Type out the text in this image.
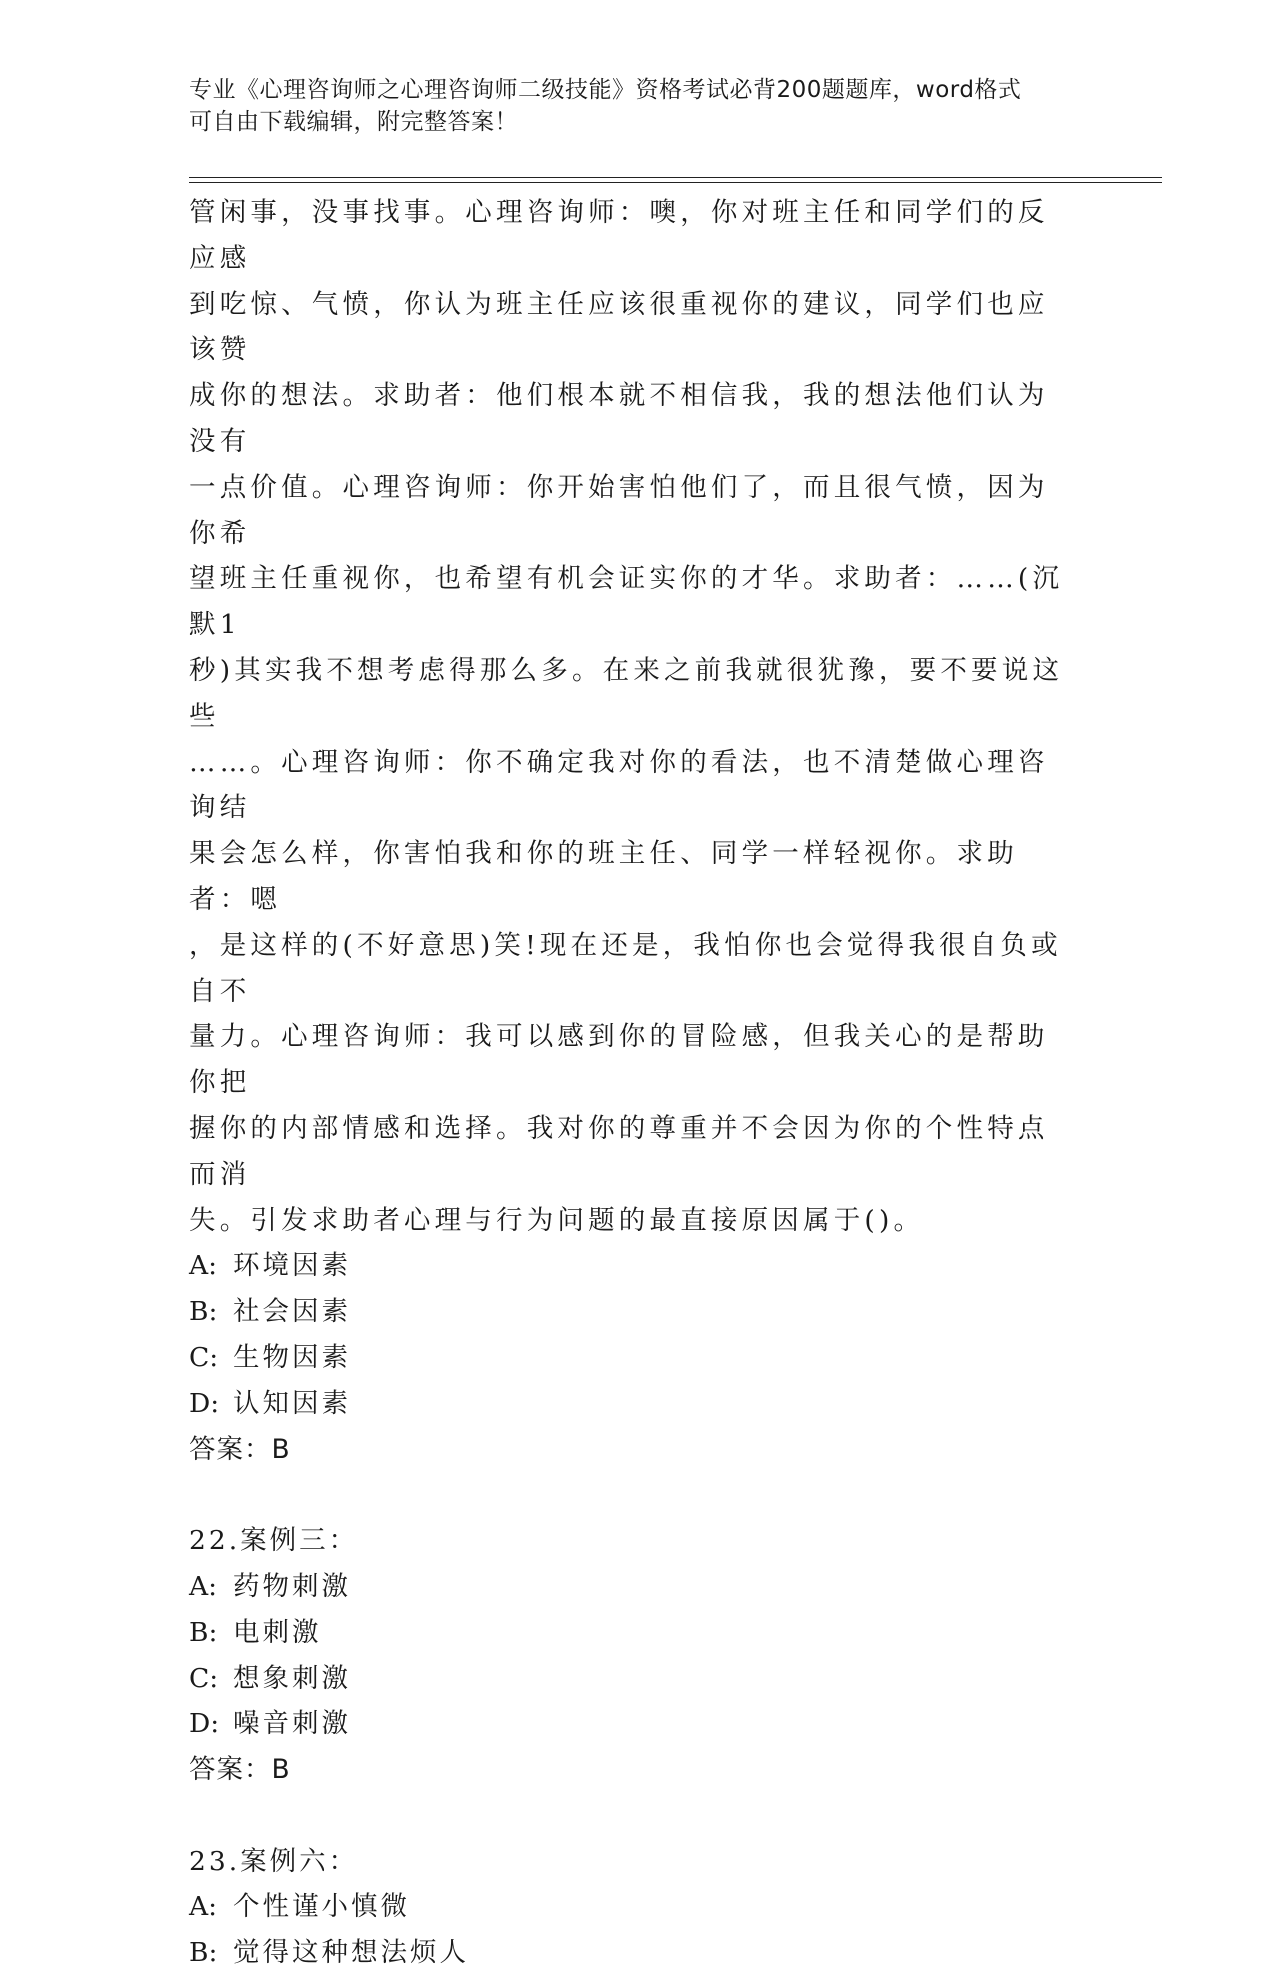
专业《心理咨询师之心理咨询师二级技能》资格考试必背200题题库，word格式
可自由下载编辑，附完整答案！
管闲事，没事找事。心理咨询师：噢，你对班主任和同学们的反应感
到吃惊、气愤，你认为班主任应该很重视你的建议，同学们也应该赞
成你的想法。求助者：他们根本就不相信我，我的想法他们认为没有
一点价值。心理咨询师：你开始害怕他们了，而且很气愤，因为你希
望班主任重视你，也希望有机会证实你的才华。求助者：……(沉默1
秒)其实我不想考虑得那么多。在来之前我就很犹豫，要不要说这些
……。心理咨询师：你不确定我对你的看法，也不清楚做心理咨询结
果会怎么样，你害怕我和你的班主任、同学一样轻视你。求助者：嗯
，是这样的(不好意思)笑!现在还是，我怕你也会觉得我很自负或自不
量力。心理咨询师：我可以感到你的冒险感，但我关心的是帮助你把
握你的内部情感和选择。我对你的尊重并不会因为你的个性特点而消
失。引发求助者心理与行为问题的最直接原因属于()。
A: 环境因素
B: 社会因素
C: 生物因素
D: 认知因素
答案：B
22.案例三：
A: 药物刺激
B: 电刺激
C: 想象刺激
D: 噪音刺激
答案：B
23.案例六：
A: 个性谨小慎微
B: 觉得这种想法烦人
